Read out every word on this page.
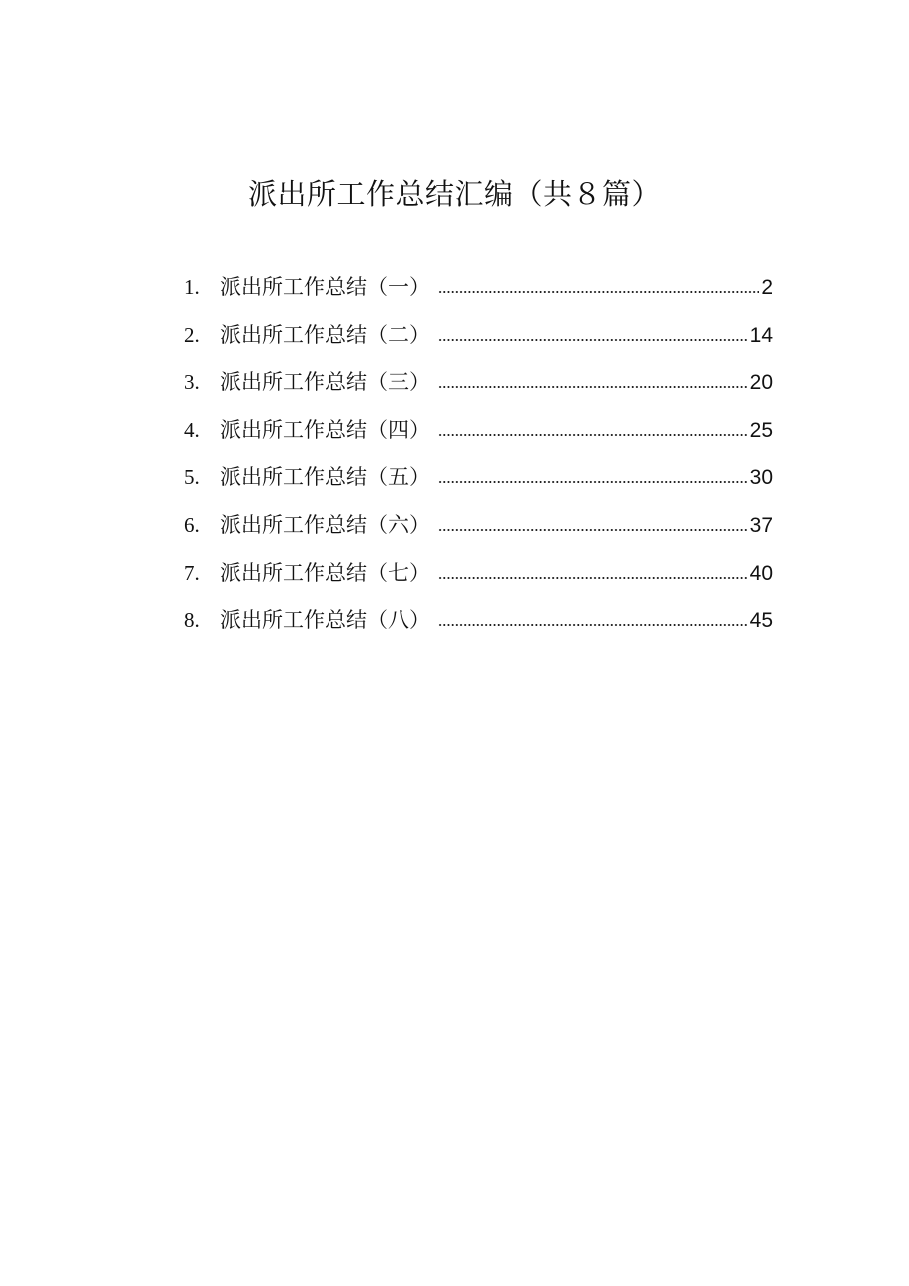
派出所工作总结汇编（共８篇）
1. 派出所工作总结（一）	2
2. 派出所工作总结（二）	14
3. 派出所工作总结（三）	20
4. 派出所工作总结（四）	25
5. 派出所工作总结（五）	30
6. 派出所工作总结（六）	37
7. 派出所工作总结（七）	40
8. 派出所工作总结（八）	45
